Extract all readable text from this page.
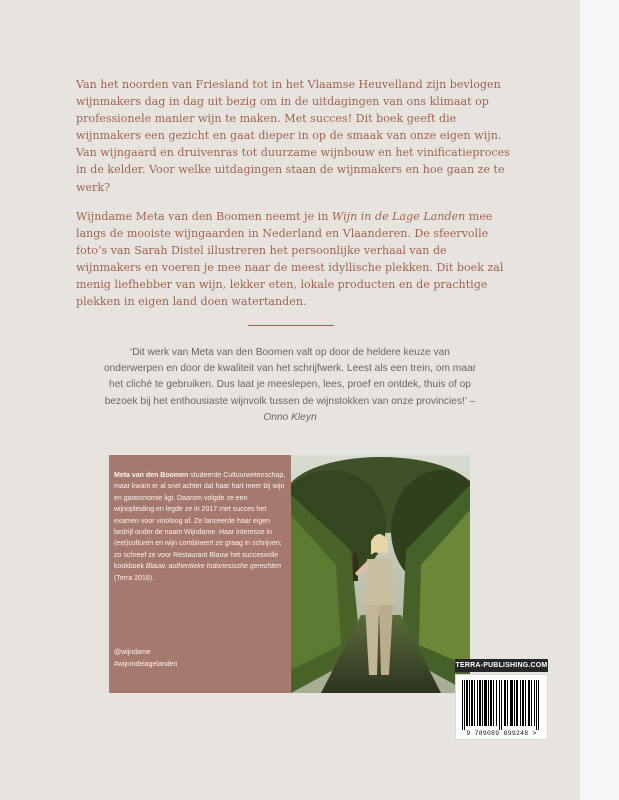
Van het noorden van Friesland tot in het Vlaamse Heuvelland zijn bevlogen wijnmakers dag in dag uit bezig om in de uitdagingen van ons klimaat op professionele manier wijn te maken. Met succes! Dit boek geeft die wijnmakers een gezicht en gaat dieper in op de smaak van onze eigen wijn. Van wijngaard en druivenras tot duurzame wijnbouw en het vinificatieproces in de kelder. Voor welke uitdagingen staan de wijnmakers en hoe gaan ze te werk?

Wijndame Meta van den Boomen neemt je in Wijn in de Lage Landen mee langs de mooiste wijngaarden in Nederland en Vlaanderen. De sfeervolle foto’s van Sarah Distel illustreren het persoonlijke verhaal van de wijnmakers en voeren je mee naar de meest idyllische plekken. Dit boek zal menig liefhebber van wijn, lekker eten, lokale producten en de prachtige plekken in eigen land doen watertanden.

‘Dit werk van Meta van den Boomen valt op door de heldere keuze van onderwerpen en door de kwaliteit van het schrijfwerk. Leest als een trein, om maar het cliché te gebruiken. Dus laat je meeslepen, lees, proef en ontdek, thuis of op bezoek bij het enthousiaste wijnvolk tussen de wijnstokken van onze provincies!’ – Onno Kleyn

Meta van den Boomen studeerde Cultuurwetenschap, maar kwam er al snel achter dat haar hart meer bij wijn en gastronomie ligt. Daarom volgde ze een wijnopleiding en legde ze in 2017 met succes het examen voor vinoloog af. Ze lanceerde haar eigen bedrijf onder de naam Wijndame. Haar interesse in (eet)culturen en wijn combineert ze graag in schrijven; zo schreef ze voor Restaurant Blauw het succesvolle kookboek Blauw, authentieke Indonesische gerechten (Terra 2018).

@wijndame
#wijnindelagelanden	TERRA-PUBLISHING.COM
9 789089 899248 >
